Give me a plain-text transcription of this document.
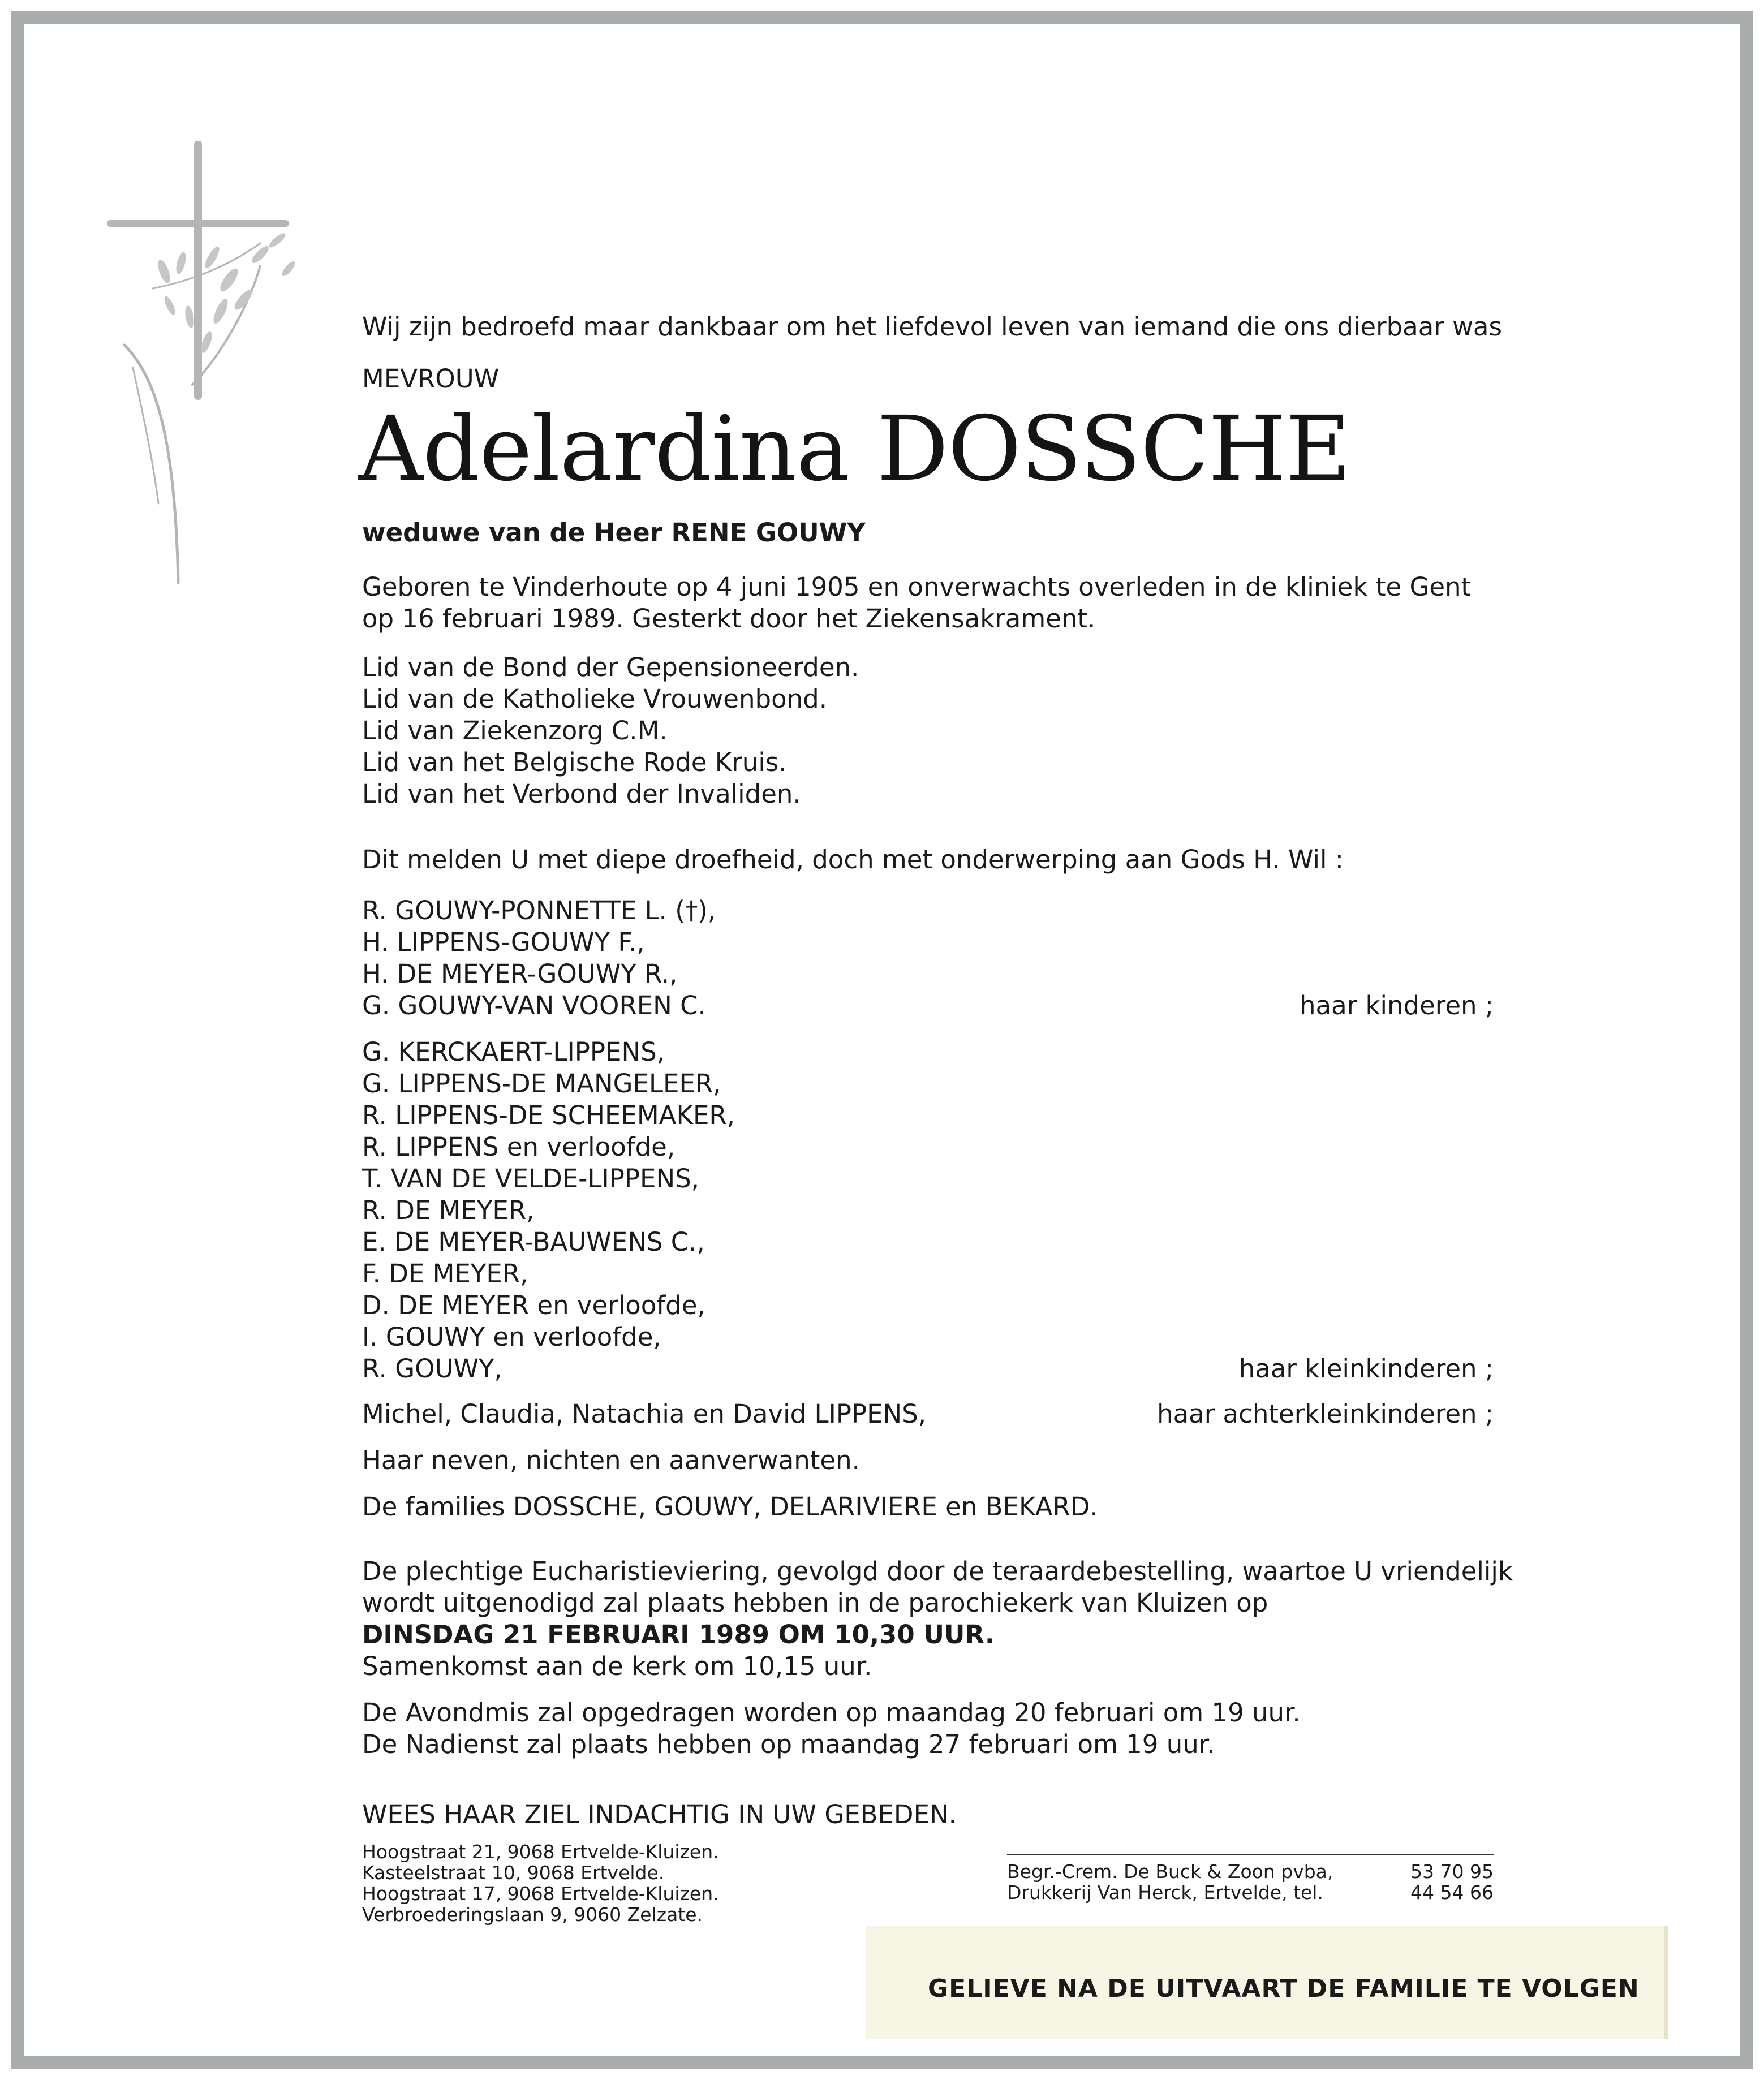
Wij zijn bedroefd maar dankbaar om het liefdevol leven van iemand die ons dierbaar was
MEVROUW
Adelardina DOSSCHE
weduwe van de Heer RENE GOUWY
Geboren te Vinderhoute op 4 juni 1905 en onverwachts overleden in de kliniek te Gent
op 16 februari 1989. Gesterkt door het Ziekensakrament.
Lid van de Bond der Gepensioneerden.
Lid van de Katholieke Vrouwenbond.
Lid van Ziekenzorg C.M.
Lid van het Belgische Rode Kruis.
Lid van het Verbond der Invaliden.
Dit melden U met diepe droefheid, doch met onderwerping aan Gods H. Wil :
R. GOUWY-PONNETTE L. (†),
H. LIPPENS-GOUWY F.,
H. DE MEYER-GOUWY R.,
G. GOUWY-VAN VOOREN C.	haar kinderen ;
G. KERCKAERT-LIPPENS,
G. LIPPENS-DE MANGELEER,
R. LIPPENS-DE SCHEEMAKER,
R. LIPPENS en verloofde,
T. VAN DE VELDE-LIPPENS,
R. DE MEYER,
E. DE MEYER-BAUWENS C.,
F. DE MEYER,
D. DE MEYER en verloofde,
I. GOUWY en verloofde,
R. GOUWY,	haar kleinkinderen ;
Michel, Claudia, Natachia en David LIPPENS,	haar achterkleinkinderen ;
Haar neven, nichten en aanverwanten.
De families DOSSCHE, GOUWY, DELARIVIERE en BEKARD.
De plechtige Eucharistieviering, gevolgd door de teraardebestelling, waartoe U vriendelijk
wordt uitgenodigd zal plaats hebben in de parochiekerk van Kluizen op
DINSDAG 21 FEBRUARI 1989 OM 10,30 UUR.
Samenkomst aan de kerk om 10,15 uur.
De Avondmis zal opgedragen worden op maandag 20 februari om 19 uur.
De Nadienst zal plaats hebben op maandag 27 februari om 19 uur.
WEES HAAR ZIEL INDACHTIG IN UW GEBEDEN.
Hoogstraat 21, 9068 Ertvelde-Kluizen.
Kasteelstraat 10, 9068 Ertvelde.
Hoogstraat 17, 9068 Ertvelde-Kluizen.
Verbroederingslaan 9, 9060 Zelzate.
Begr.-Crem. De Buck & Zoon pvba,	53 70 95
Drukkerij Van Herck, Ertvelde, tel.	44 54 66
GELIEVE NA DE UITVAART DE FAMILIE TE VOLGEN
